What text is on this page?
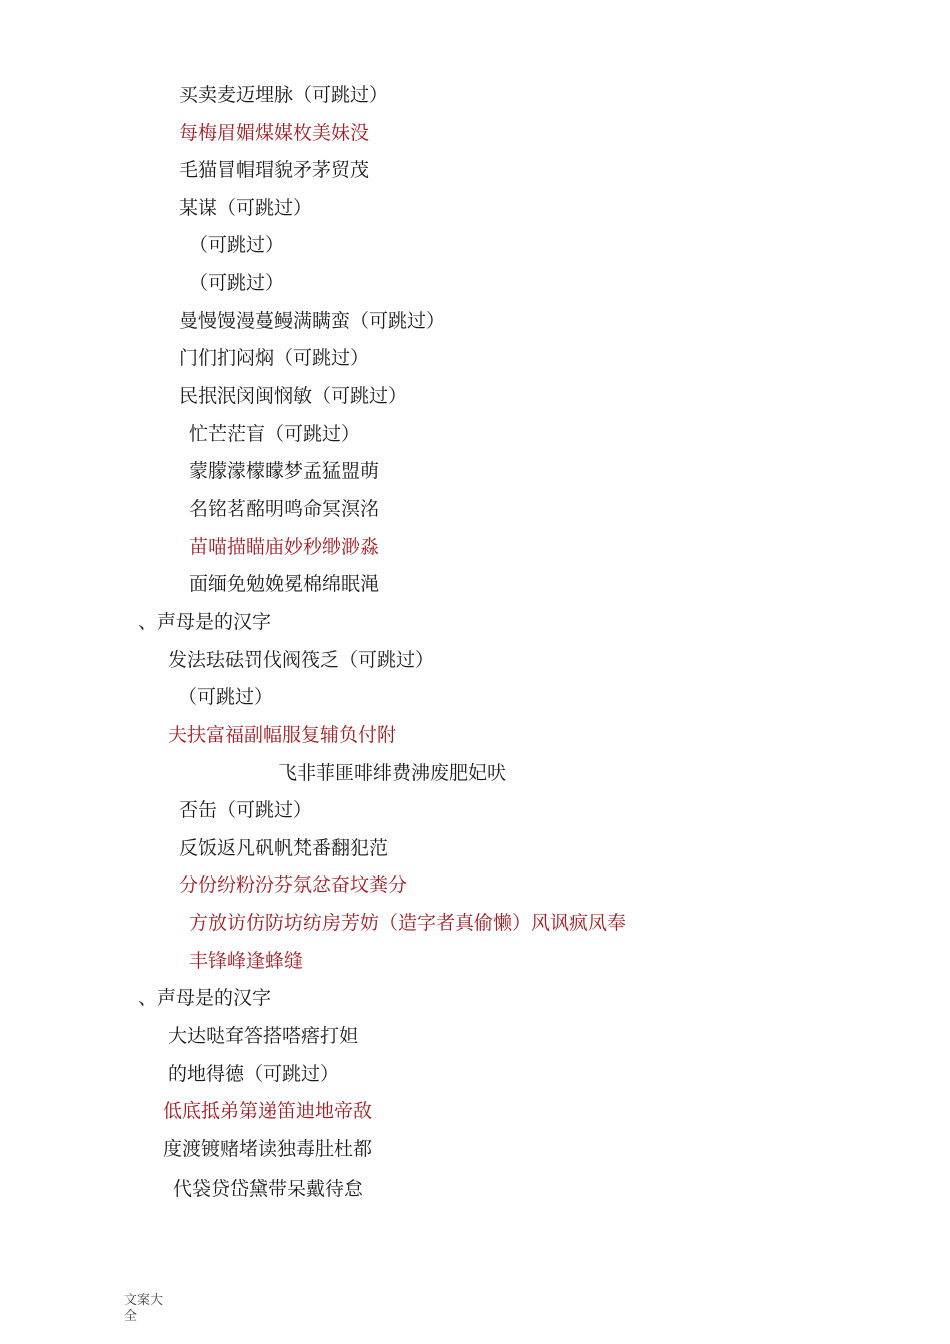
买卖麦迈埋脉（可跳过）
每梅眉媚煤媒枚美妹没
毛猫冒帽瑁貌矛茅贸茂
某谋（可跳过）
（可跳过）
（可跳过）
曼慢馒漫蔓鳗满瞒蛮（可跳过）
门们扪闷焖（可跳过）
民抿泯闵闽悯敏（可跳过）
忙芒茫盲（可跳过）
蒙朦濛檬矇梦孟猛盟萌
名铭茗酩明鸣命冥溟洺
苗喵描瞄庙妙秒缈渺淼
面缅免勉娩冕棉绵眠渑
、声母是的汉字
发法珐砝罚伐阀筏乏（可跳过）
（可跳过）
夫扶富福副幅服复辅负付附
飞非菲匪啡绯费沸废肥妃吠
否缶（可跳过）
反饭返凡矾帆梵番翻犯范
分份纷粉汾芬氛忿奋坟粪分
方放访仿防坊纺房芳妨（造字者真偷懒）风讽疯凤奉
丰锋峰逢蜂缝
、声母是的汉字
大达哒耷答搭嗒瘩打妲
的地得德（可跳过）
低底抵弟第递笛迪地帝敌
度渡镀赌堵读独毒肚杜都
代袋贷岱黛带呆戴待怠
文案大全
